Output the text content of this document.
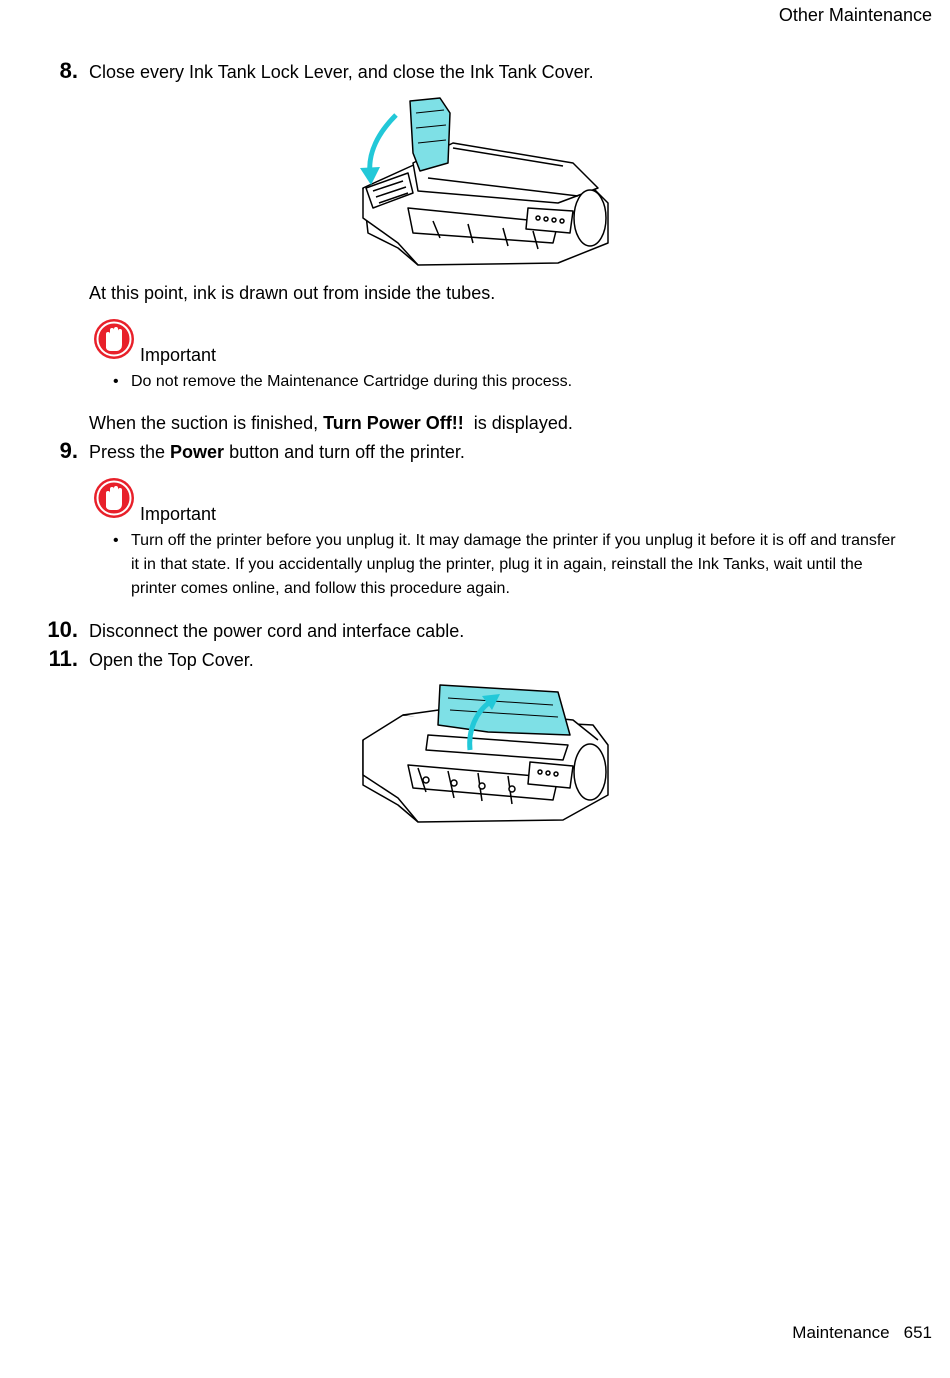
Other Maintenance
8. Close every Ink Tank Lock Lever, and close the Ink Tank Cover.
At this point, ink is drawn out from inside the tubes.
Important
• Do not remove the Maintenance Cartridge during this process.
When the suction is finished, Turn Power Off!!  is displayed.
9. Press the Power button and turn off the printer.
Important
• Turn off the printer before you unplug it. It may damage the printer if you unplug it before it is off and transfer it in that state. If you accidentally unplug the printer, plug it in again, reinstall the Ink Tanks, wait until the printer comes online, and follow this procedure again.
10. Disconnect the power cord and interface cable.
11. Open the Top Cover.
Maintenance 651
